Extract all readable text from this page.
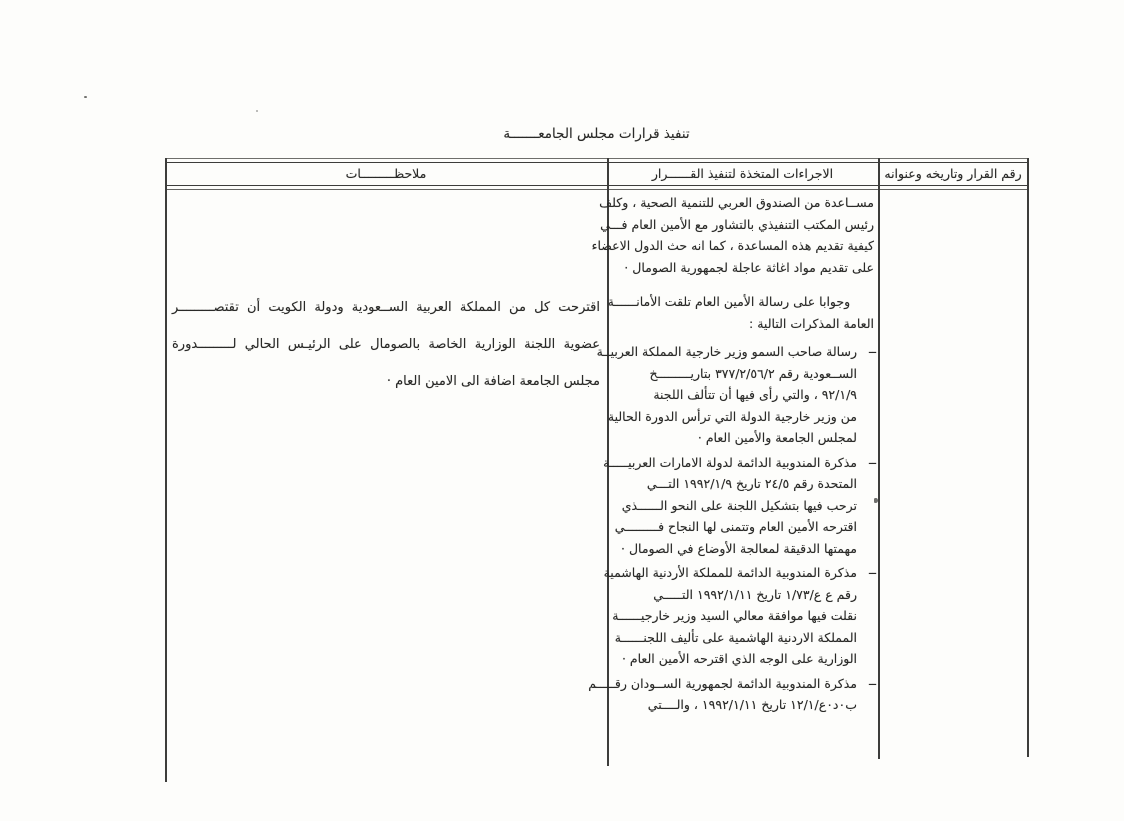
تنفيذ قرارات مجلس الجامعـــــــة
رقم القرار وتاريخه وعنوانه
الاجراءات المتخذة لتنفيذ القــــــرار
ملاحظـــــــــات
مســاعدة من الصندوق العربي للتنمية الصحية ، وكلف
رئيس المكتب التنفيذي بالتشاور مع الأمين العام فـــي
كيفية تقديم هذه المساعدة ، كما انه حث الدول الاعضاء
على تقديم مواد اغاثة عاجلة لجمهورية الصومال ·
وجوابا على رسالة الأمين العام تلقت الأمانــــــة
العامة المذكرات التالية :
ــ
رسالة صاحب السمو وزير خارجية المملكة العربيــة
الســعودية رقم ٣٧٧/٢/٥٦/٢ بتاريـــــــــخ
٩٢/١/٩ ، والتي رأى فيها أن تتألف اللجنة
من وزير خارجية الدولة التي ترأس الدورة الحالية
لمجلس الجامعة والأمين العام ·
ــ
مذكرة المندوبية الدائمة لدولة الامارات العربيـــــة
المتحدة رقم ٢٤/٥ تاريخ ١٩٩٢/١/٩ التـــي
ترحب فيها بتشكيل اللجنة على النحو الــــــذي
اقترحه الأمين العام وتتمنى لها النجاح فـــــــــي
مهمتها الدقيقة لمعالجة الأوضاع في الصومال ·
ــ
مذكرة المندوبية الدائمة للمملكة الأردنية الهاشمية
رقم ع ع/١/٧٣ تاريخ ١٩٩٢/١/١١ التـــــي
نقلت فيها موافقة معالي السيد وزير خارجيــــــة
المملكة الاردنية الهاشمية على تأليف اللجنــــــة
الوزارية على الوجه الذي اقترحه الأمين العام ·
ــ
مذكرة المندوبية الدائمة لجمهورية الســودان رقـــــم
ب٠د٠ع/١٢/١ تاريخ ١٩٩٢/١/١١ ، والــــتي
اقترحت كل من المملكة العربية الســعودية ودولة الكويت أن تقتصـــــــــر
عضوية اللجنة الوزارية الخاصة بالصومال على الرئيـس الحالي لـــــــــدورة
مجلس الجامعة اضافة الى الامين العام ·
